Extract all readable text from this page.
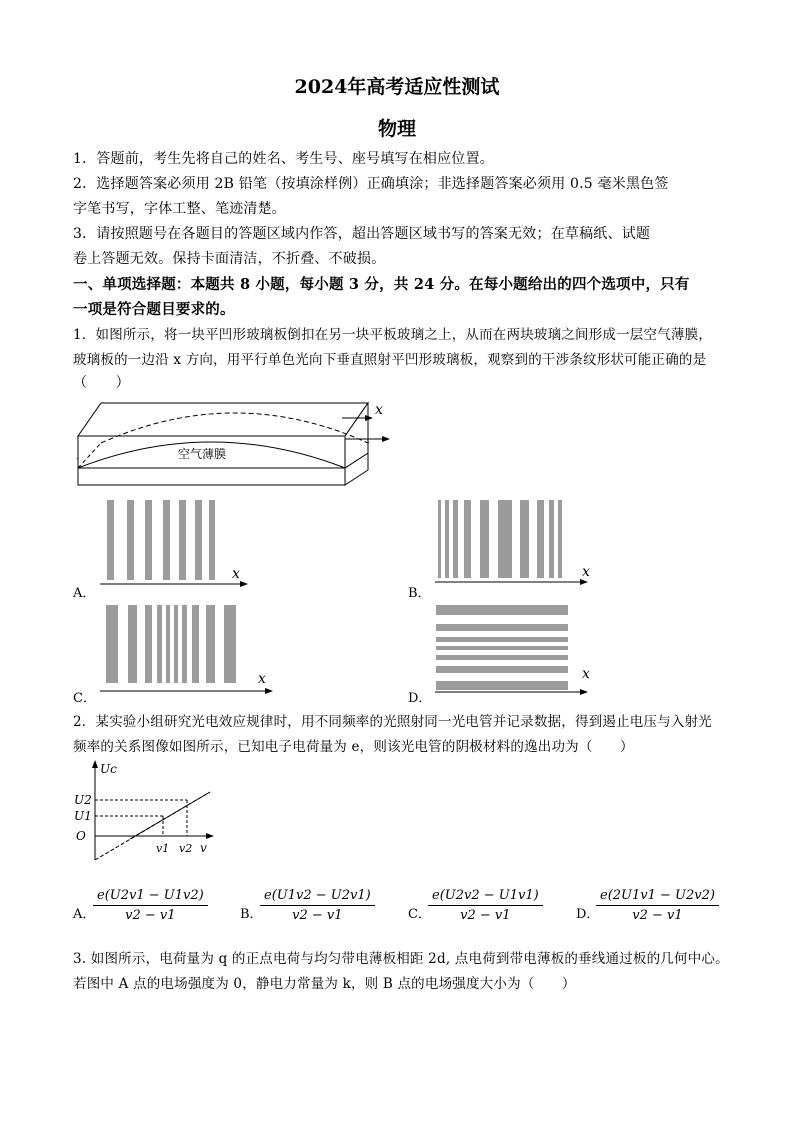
2024年高考适应性测试
物理
1．答题前，考生先将自己的姓名、考生号、座号填写在相应位置。
2．选择题答案必须用 2B 铅笔（按填涂样例）正确填涂；非选择题答案必须用 0.5 毫米黑色签
字笔书写，字体工整、笔迹清楚。
3．请按照题号在各题目的答题区域内作答，超出答题区域书写的答案无效；在草稿纸、试题
卷上答题无效。保持卡面清洁，不折叠、不破损。
一、单项选择题：本题共 8 小题，每小题 3 分，共 24 分。在每小题给出的四个选项中，只有
一项是符合题目要求的。
1．如图所示，将一块平凹形玻璃板倒扣在另一块平板玻璃之上，从而在两块玻璃之间形成一层空气薄膜，
玻璃板的一边沿 x 方向，用平行单色光向下垂直照射平凹形玻璃板，观察到的干涉条纹形状可能正确的是
（　　）
x
空气薄膜
A．
x
B．
x
C．
x
D．
x
2．某实验小组研究光电效应规律时，用不同频率的光照射同一光电管并记录数据，得到遏止电压与入射光
频率的关系图像如图所示，已知电子电荷量为 e，则该光电管的阴极材料的逸出功为（　　）
Uc
U2
U1
O
v1 v2 v
A．
$\frac{e(U2v1 - U1v2)}{v2 - v1}$ B．
$\frac{e(U1v2 - U2v1)}{v2 - v1}$	C．
$\frac{e(U2v2 - U1v1)}{v2 - v1}$	D．
$\frac{e(2U1v1 - U2v2)}{v2 - v1}$
3. 如图所示，电荷量为 q 的正点电荷与均匀带电薄板相距 2d, 点电荷到带电薄板的垂线通过板的几何中心。
若图中 A 点的电场强度为 0，静电力常量为 k，则 B 点的电场强度大小为（　　）
